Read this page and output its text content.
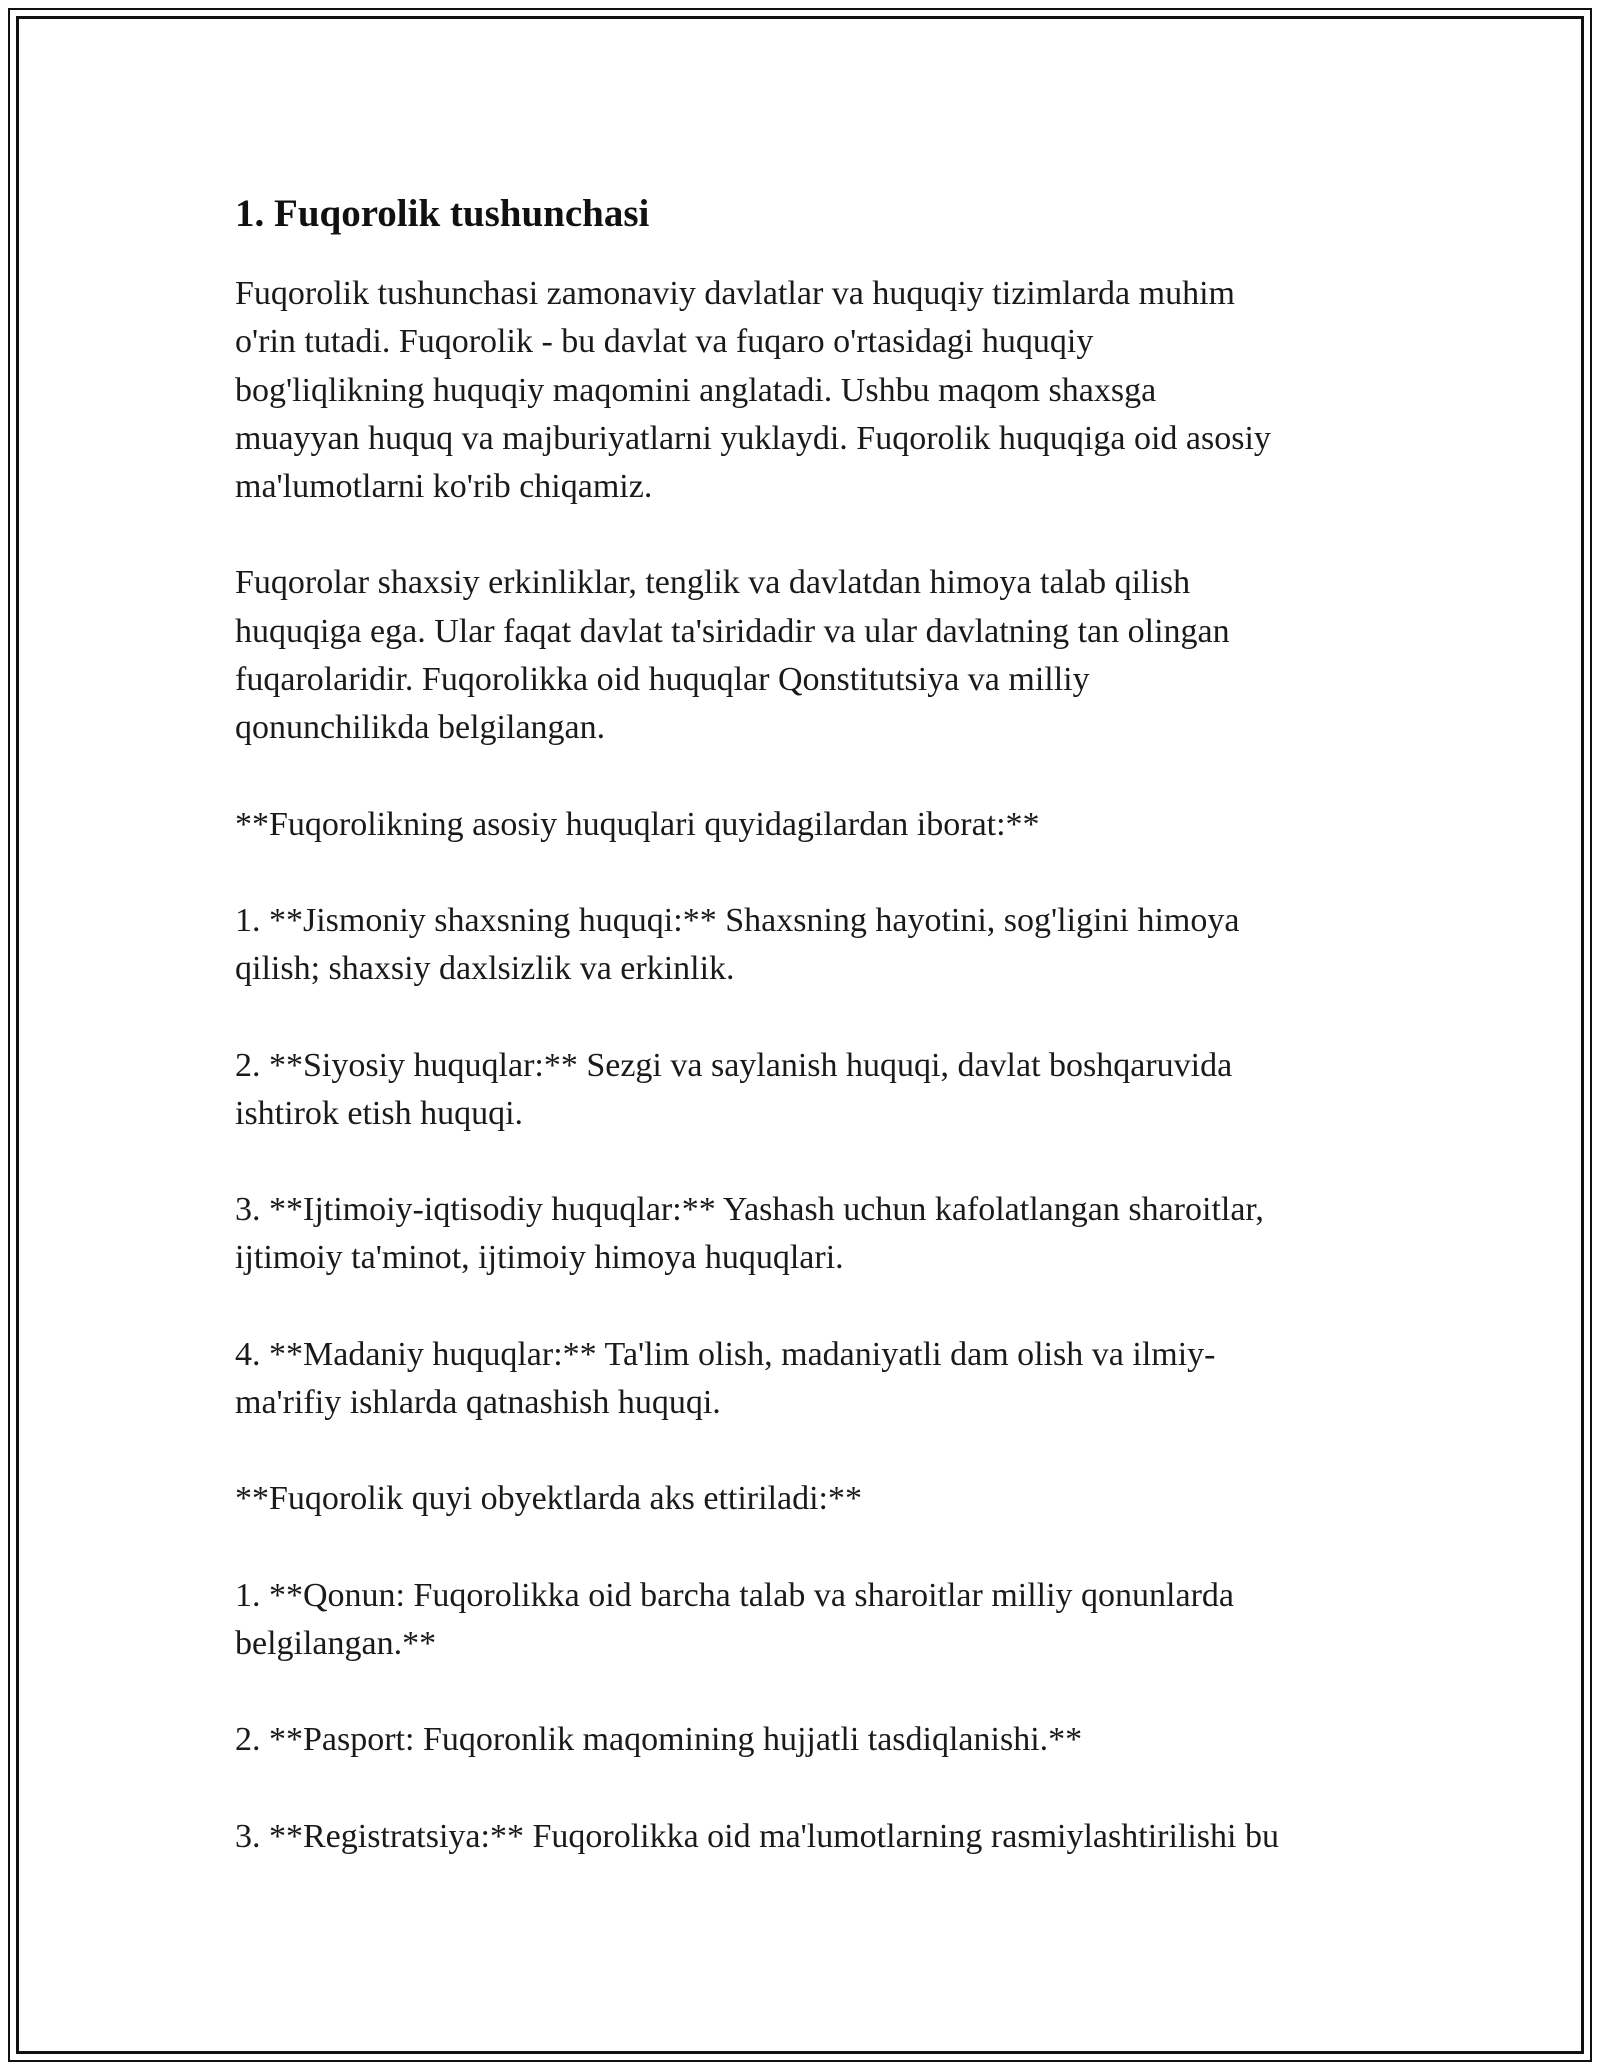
1. Fuqorolik tushunchasi

Fuqorolik tushunchasi zamonaviy davlatlar va huquqiy tizimlarda muhim
o'rin tutadi. Fuqorolik - bu davlat va fuqaro o'rtasidagi huquqiy
bog'liqlikning huquqiy maqomini anglatadi. Ushbu maqom shaxsga
muayyan huquq va majburiyatlarni yuklaydi. Fuqorolik huquqiga oid asosiy
ma'lumotlarni ko'rib chiqamiz.

Fuqorolar shaxsiy erkinliklar, tenglik va davlatdan himoya talab qilish
huquqiga ega. Ular faqat davlat ta'siridadir va ular davlatning tan olingan
fuqarolaridir. Fuqorolikka oid huquqlar Qonstitutsiya va milliy
qonunchilikda belgilangan.

**Fuqorolikning asosiy huquqlari quyidagilardan iborat:**

1. **Jismoniy shaxsning huquqi:** Shaxsning hayotini, sog'ligini himoya
qilish; shaxsiy daxlsizlik va erkinlik.

2. **Siyosiy huquqlar:** Sezgi va saylanish huquqi, davlat boshqaruvida
ishtirok etish huquqi.

3. **Ijtimoiy-iqtisodiy huquqlar:** Yashash uchun kafolatlangan sharoitlar,
ijtimoiy ta'minot, ijtimoiy himoya huquqlari.

4. **Madaniy huquqlar:** Ta'lim olish, madaniyatli dam olish va ilmiy-
ma'rifiy ishlarda qatnashish huquqi.

**Fuqorolik quyi obyektlarda aks ettiriladi:**

1. **Qonun: Fuqorolikka oid barcha talab va sharoitlar milliy qonunlarda
belgilangan.**

2. **Pasport: Fuqoronlik maqomining hujjatli tasdiqlanishi.**

3. **Registratsiya:** Fuqorolikka oid ma'lumotlarning rasmiylashtirilishi bu
